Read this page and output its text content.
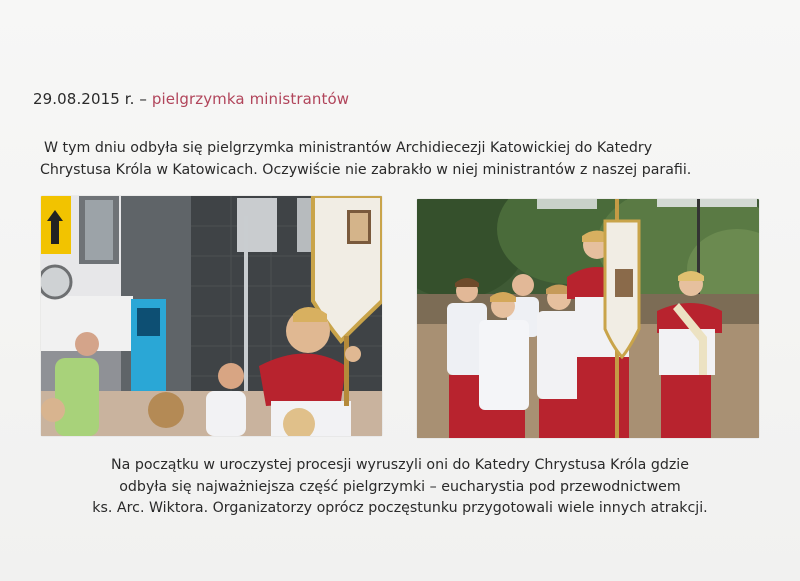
29.08.2015 r. – pielgrzymka ministrantów
W tym dniu odbyła się pielgrzymka ministrantów Archidiecezji Katowickiej do Katedry
Chrystusa Króla w Katowicach. Oczywiście nie zabrakło w niej ministrantów z naszej parafii.
Na początku w uroczystej procesji wyruszyli oni do Katedry Chrystusa Króla gdzie
odbyła się najważniejsza część pielgrzymki – eucharystia pod przewodnictwem
ks. Arc. Wiktora. Organizatorzy oprócz poczęstunku przygotowali wiele innych atrakcji.
